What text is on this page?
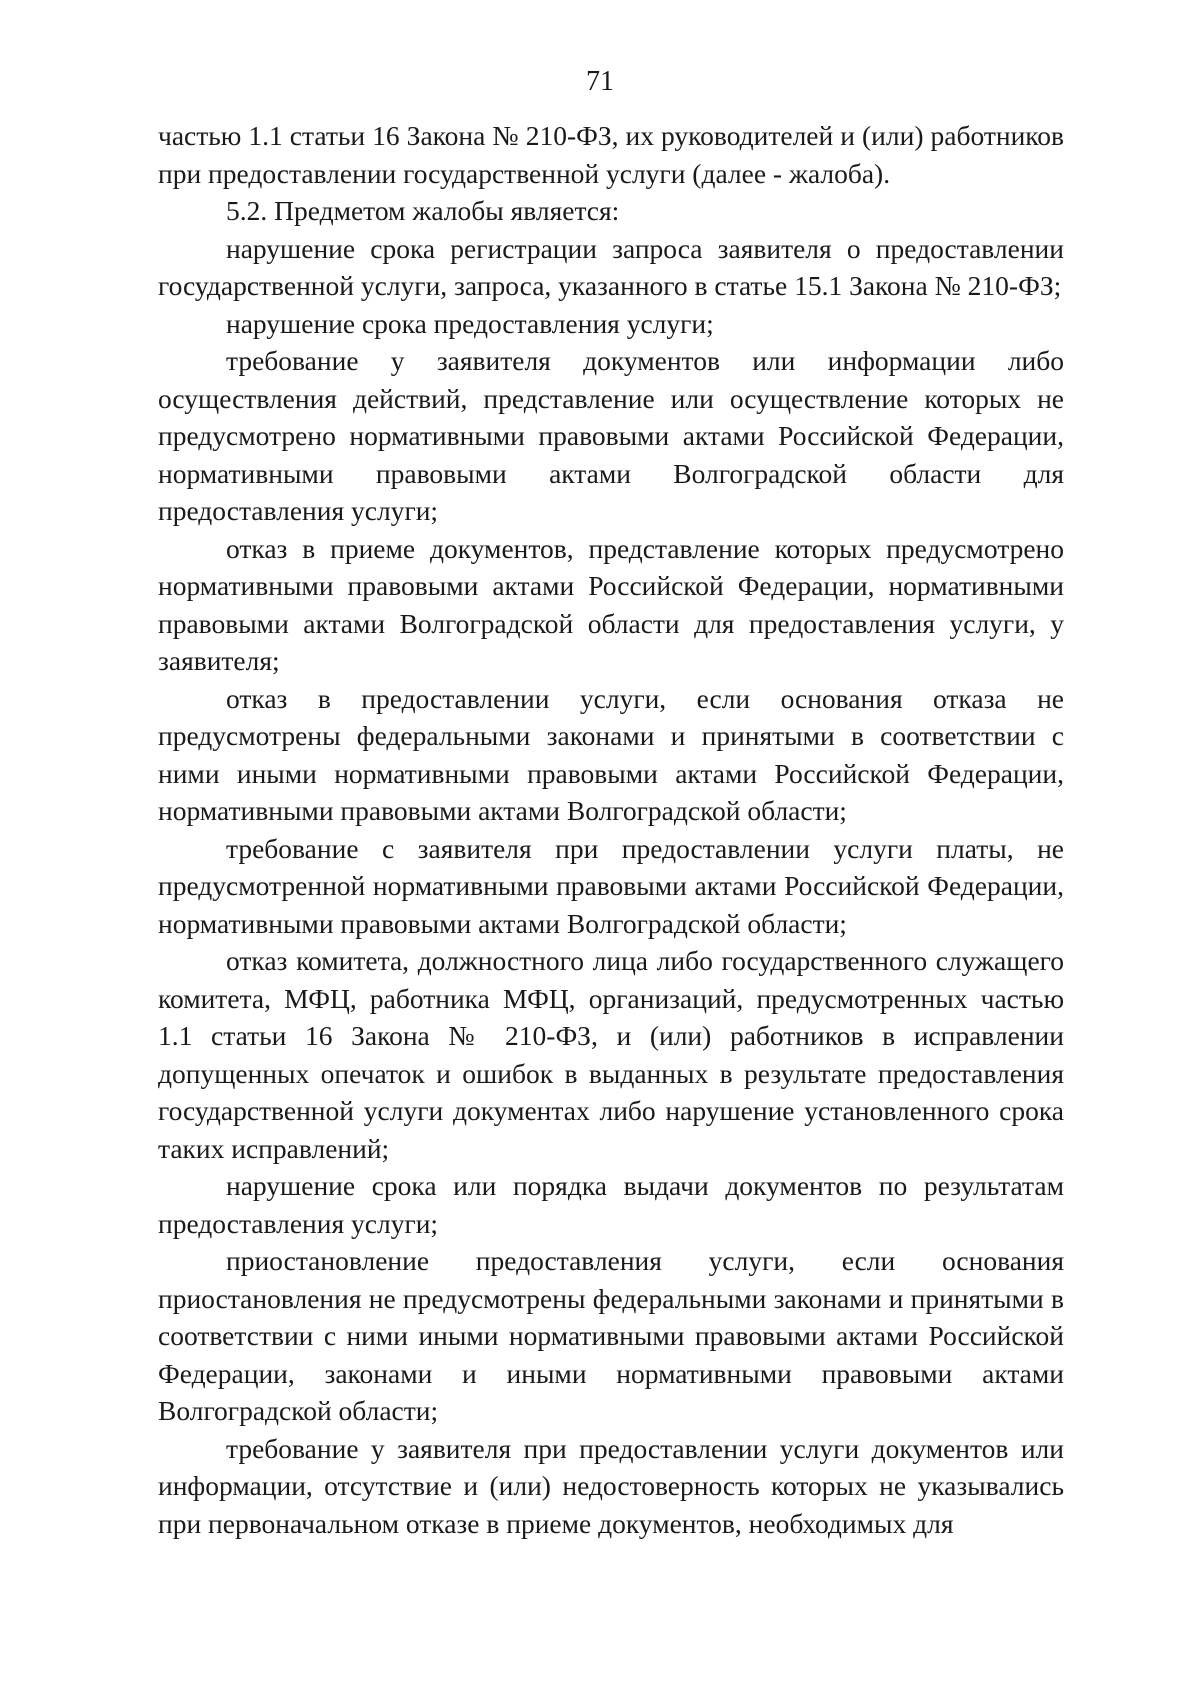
71

частью 1.1 статьи 16 Закона № 210-ФЗ, их руководителей и (или) работников при предоставлении государственной услуги (далее - жалоба).

5.2. Предметом жалобы является:

нарушение срока регистрации запроса заявителя о предоставлении государственной услуги, запроса, указанного в статье 15.1 Закона № 210-ФЗ;

нарушение срока предоставления услуги;

требование у заявителя документов или информации либо осуществления действий, представление или осуществление которых не предусмотрено нормативными правовыми актами Российской Федерации, нормативными правовыми актами Волгоградской области для предоставления услуги;

отказ в приеме документов, представление которых предусмотрено нормативными правовыми актами Российской Федерации, нормативными правовыми актами Волгоградской области для предоставления услуги, у заявителя;

отказ в предоставлении услуги, если основания отказа не предусмотрены федеральными законами и принятыми в соответствии с ними иными нормативными правовыми актами Российской Федерации, нормативными правовыми актами Волгоградской области;

требование с заявителя при предоставлении услуги платы, не предусмотренной нормативными правовыми актами Российской Федерации, нормативными правовыми актами Волгоградской области;

отказ комитета, должностного лица либо государственного служащего комитета, МФЦ, работника МФЦ, организаций, предусмотренных частью 1.1 статьи 16 Закона № 210-ФЗ, и (или) работников в исправлении допущенных опечаток и ошибок в выданных в результате предоставления государственной услуги документах либо нарушение установленного срока таких исправлений;

нарушение срока или порядка выдачи документов по результатам предоставления услуги;

приостановление предоставления услуги, если основания приостановления не предусмотрены федеральными законами и принятыми в соответствии с ними иными нормативными правовыми актами Российской Федерации, законами и иными нормативными правовыми актами Волгоградской области;

требование у заявителя при предоставлении услуги документов или информации, отсутствие и (или) недостоверность которых не указывались при первоначальном отказе в приеме документов, необходимых для
